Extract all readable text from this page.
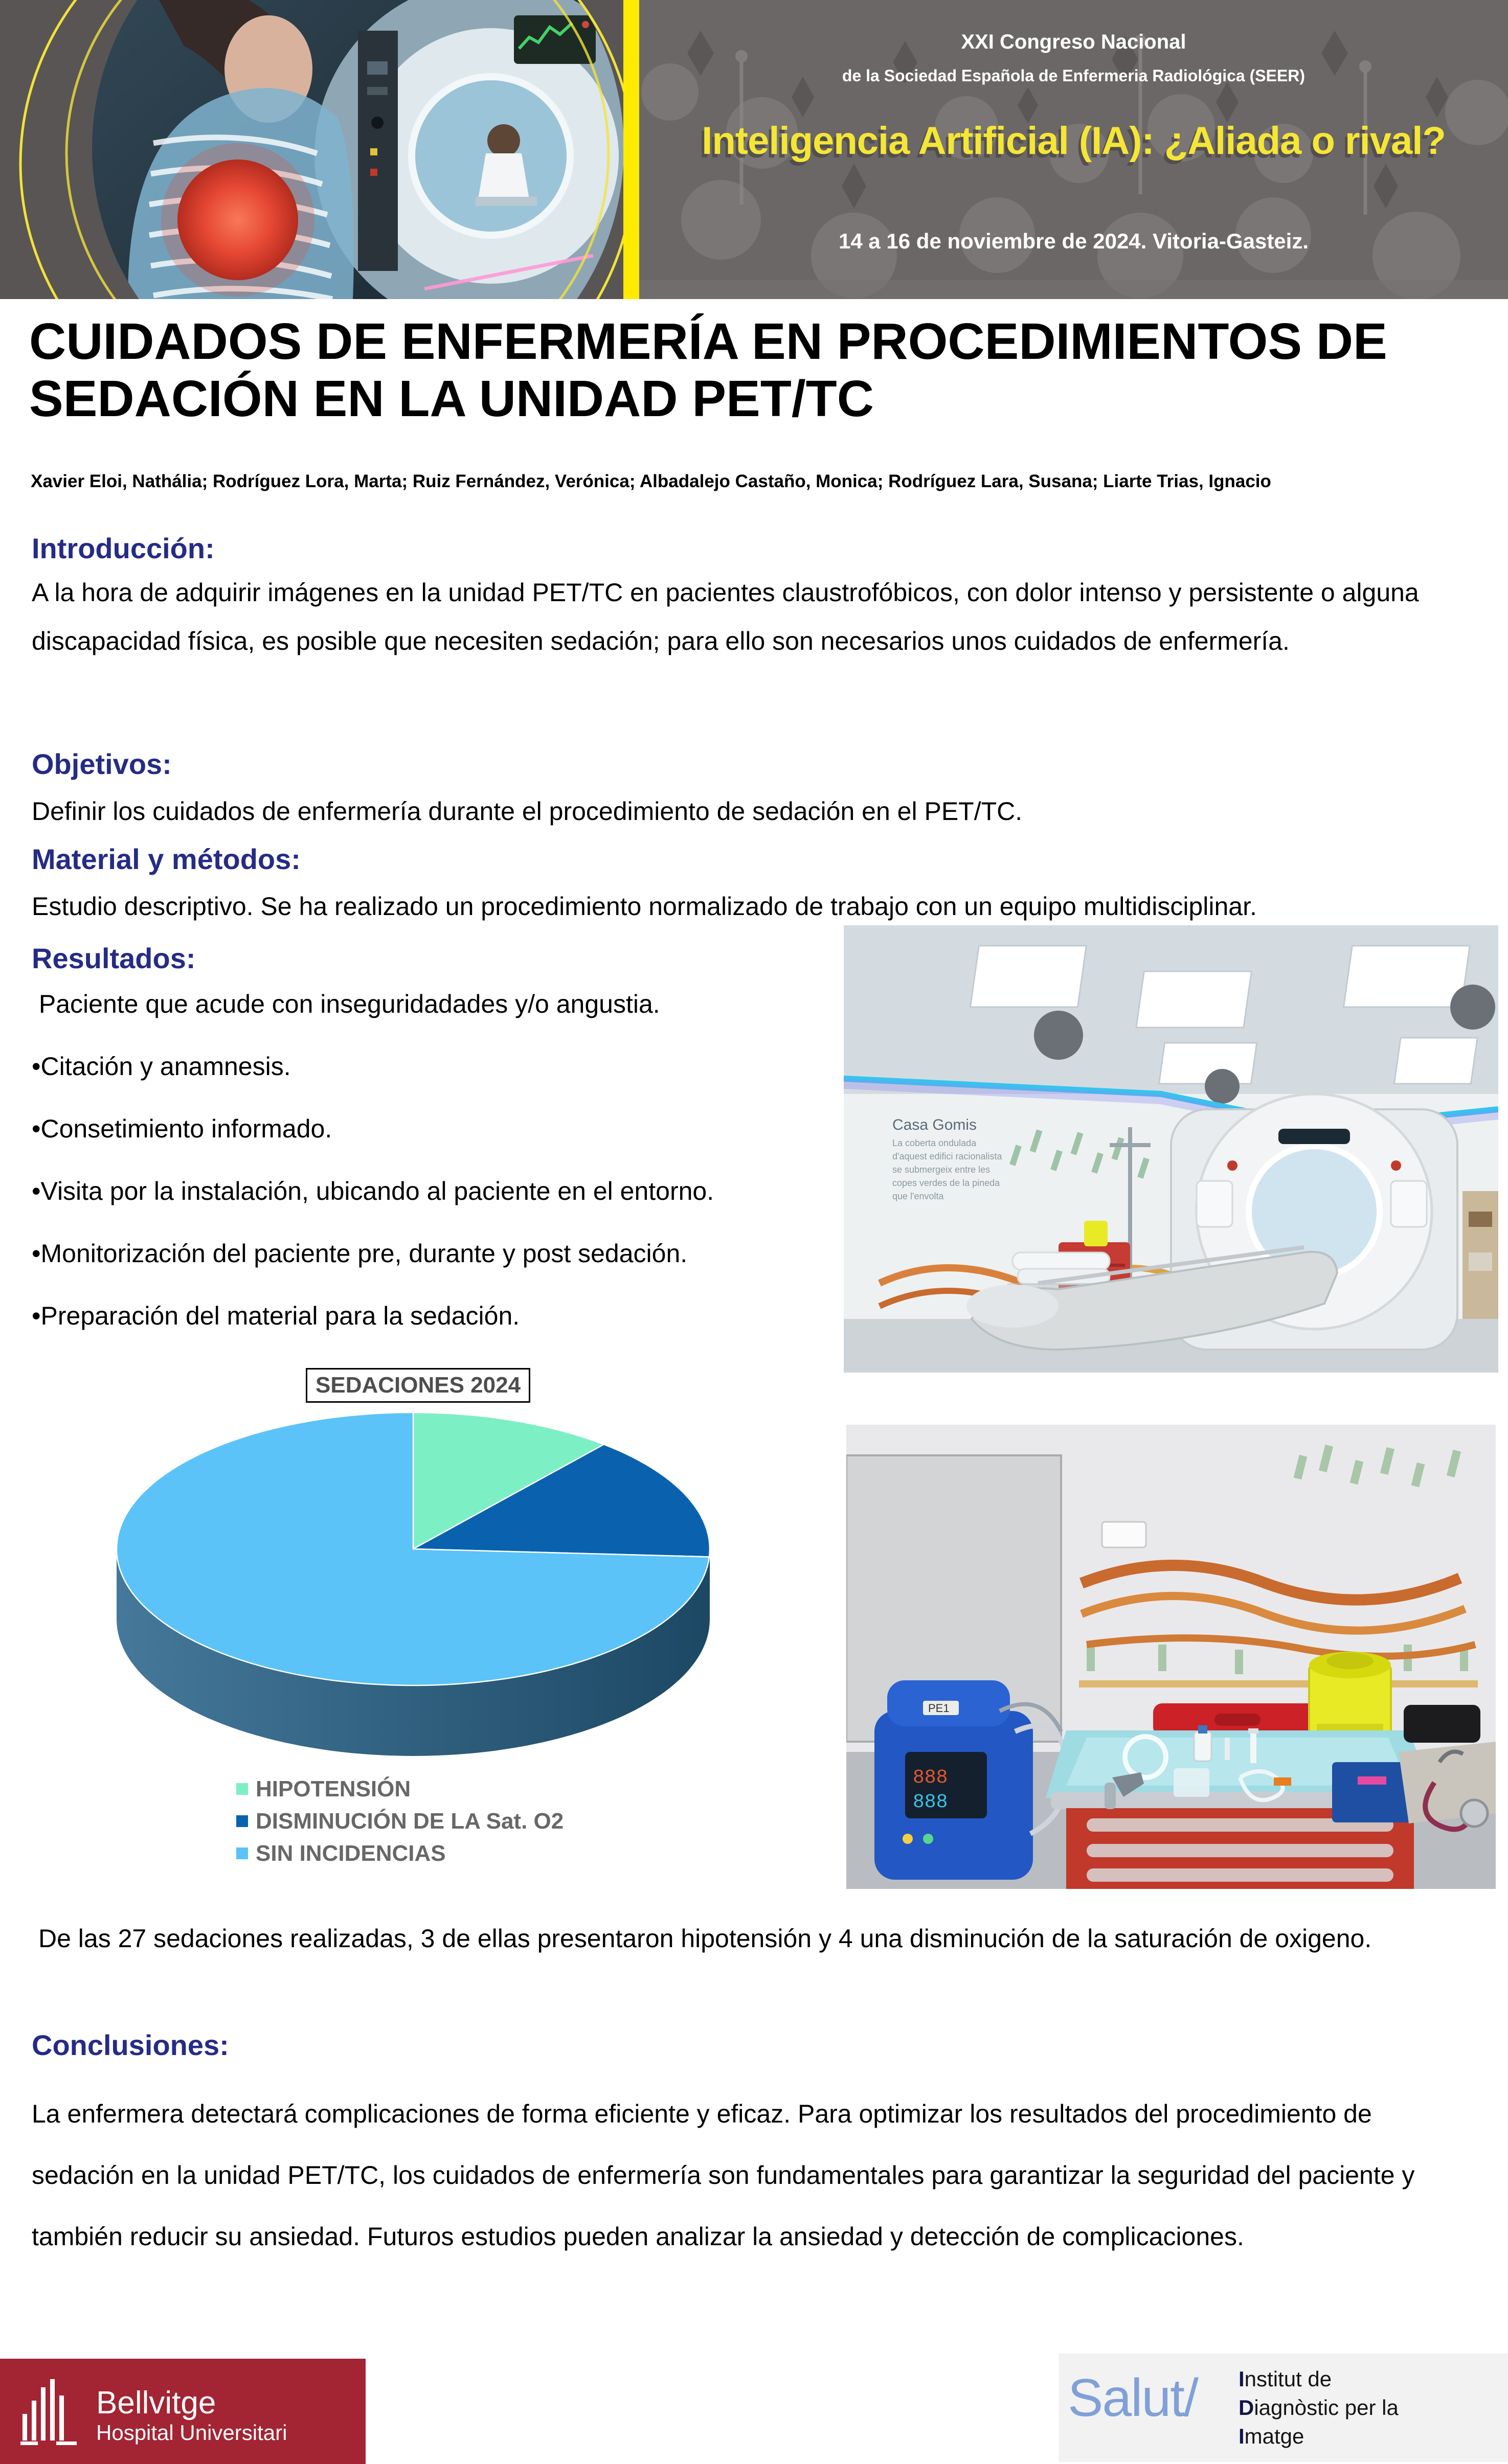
XXI Congreso Nacional
de la Sociedad Española de Enfermeria Radiológica (SEER)
Inteligencia Artificial (IA): ¿Aliada o rival?
14 a 16 de noviembre de 2024. Vitoria-Gasteiz.
CUIDADOS DE ENFERMERÍA EN PROCEDIMIENTOS DE
SEDACIÓN EN LA UNIDAD PET/TC
Xavier Eloi, Nathália; Rodríguez Lora, Marta; Ruiz Fernández, Verónica; Albadalejo Castaño, Monica; Rodríguez Lara, Susana; Liarte Trias, Ignacio
Introducción:
A la hora de adquirir imágenes en la unidad PET/TC en pacientes claustrofóbicos, con dolor intenso y persistente o alguna discapacidad física, es posible que necesiten sedación; para ello son necesarios unos cuidados de enfermería.
Objetivos:
Definir los cuidados de enfermería durante el procedimiento de sedación en el PET/TC.
Material y métodos:
Estudio descriptivo. Se ha realizado un procedimiento normalizado de trabajo con un equipo multidisciplinar.
Resultados:
Paciente que acude con inseguridadades y/o angustia.
•Citación y anamnesis.
•Consetimiento informado.
•Visita por la instalación, ubicando al paciente en el entorno.
•Monitorización del paciente pre, durante y post sedación.
•Preparación del material para la sedación.
Casa Gomis
La coberta ondulada
d'aquest edifici racionalista
se submergeix entre les
copes verdes de la pineda
que l'envolta
SEDACIONES 2024
HIPOTENSIÓN
DISMINUCIÓN DE LA Sat. O2
SIN INCIDENCIAS
888
888
PE1
De las 27 sedaciones realizadas, 3 de ellas presentaron hipotensión y 4 una disminución de la saturación de oxigeno.
Conclusiones:
La enfermera detectará complicaciones de forma eficiente y eficaz. Para optimizar los resultados del procedimiento de sedación en la unidad PET/TC, los cuidados de enfermería son fundamentales para garantizar la seguridad del paciente y también reducir su ansiedad. Futuros estudios pueden analizar la ansiedad y detección de complicaciones.
Bellvitge
Hospital Universitari
Salut/ Institut de
Diagnòstic per la
Imatge
